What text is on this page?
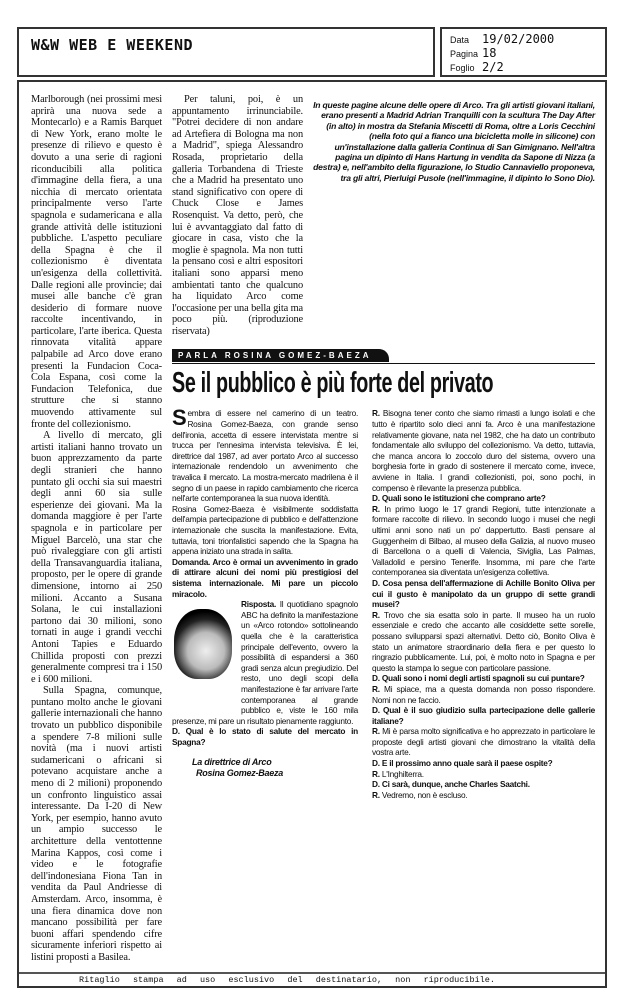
W&W WEB E WEEKEND	Data	19/02/2000
Pagina 18
Foglio 2/2

Marlborough (nei prossimi mesi aprirà una nuova sede a Montecarlo) e a Ramis Barquet di New York, erano molte le presenze di rilievo e questo è dovuto a una serie di ragioni riconducibili alla politica d'immagine della fiera, a una nicchia di mercato orientata principalmente verso l'arte spagnola e sudamericana e alla grande attività delle istituzioni pubbliche. L'aspetto peculiare della Spagna è che il collezionismo è diventata un'esigenza della collettività. Dalle regioni alle provincie; dai musei alle banche c'è gran desiderio di formare nuove raccolte incentivando, in particolare, l'arte iberica. Questa rinnovata vitalità appare palpabile ad Arco dove erano presenti la Fundacion Coca-Cola Espana, così come la Fundacion Telefonica, due strutture che si stanno muovendo attivamente sul fronte del collezionismo.

A livello di mercato, gli artisti italiani hanno trovato un buon apprezzamento da parte degli stranieri che hanno puntato gli occhi sia sui maestri degli anni 60 sia sulle esperienze dei giovani. Ma la domanda maggiore è per l'arte spagnola e in particolare per Miguel Barcelò, una star che può rivaleggiare con gli artisti della Transavanguardia italiana, proposto, per le opere di grande dimensione, intorno ai 250 milioni. Accanto a Susana Solana, le cui installazioni partono dai 30 milioni, sono tornati in auge i grandi vecchi Antoni Tapies e Eduardo Chillida proposti con prezzi generalmente compresi tra i 150 e i 600 milioni.

Sulla Spagna, comunque, puntano molto anche le giovani gallerie internazionali che hanno trovato un pubblico disponibile a spendere 7-8 milioni sulle novità (ma i nuovi artisti sudamericani o africani si potevano acquistare anche a meno di 2 milioni) proponendo un confronto linguistico assai interessante. Da I-20 di New York, per esempio, hanno avuto un ampio successo le architetture della ventottenne Marina Kappos, così come i video e le fotografie dell'indonesiana Fiona Tan in vendita da Paul Andriesse di Amsterdam. Arco, insomma, è una fiera dinamica dove non mancano possibilità per fare buoni affari spendendo cifre sicuramente inferiori rispetto ai listini proposti a Basilea.

Per taluni, poi, è un appuntamento irrinunciabile. "Potrei decidere di non andare ad Artefiera di Bologna ma non a Madrid", spiega Alessandro Rosada, proprietario della galleria Torbandena di Trieste che a Madrid ha presentato uno stand significativo con opere di Chuck Close e James Rosenquist. Va detto, però, che lui è avvantaggiato dal fatto di giocare in casa, visto che la moglie è spagnola. Ma non tutti la pensano così e altri espositori italiani sono apparsi meno ambientati tanto che qualcuno ha liquidato Arco come l'occasione per una bella gita ma poco più. (riproduzione riservata)

In queste pagine alcune delle opere di Arco. Tra gli artisti giovani italiani, erano presenti a Madrid Adrian Tranquilli con la scultura The Day After (in alto) in mostra da Stefania Miscetti di Roma, oltre a Loris Cecchini (nella foto qui a fianco una bicicletta molle in silicone) con un'installazione dalla galleria Continua di San Gimignano. Nell'altra pagina un dipinto di Hans Hartung in vendita da Sapone di Nizza (a destra) e, nell'ambito della figurazione, lo Studio Cannaviello proponeva, tra gli altri, Pierluigi Pusole (nell'immagine, il dipinto Io Sono Dio).
PARLA ROSINA GOMEZ-BAEZA
Se il pubblico è più forte del privato

Sembra di essere nel camerino di un teatro. Rosina Gomez-Baeza, con grande senso dell'ironia, accetta di essere intervistata mentre si trucca per l'ennesima intervista televisiva. È lei, direttrice dal 1987, ad aver portato Arco al successo internazionale rendendolo un avvenimento che travalica il mercato. La mostra-mercato madrilena è il segno di un paese in rapido cambiamento che ricerca nell'arte contemporanea la sua nuova identità.

Rosina Gomez-Baeza è visibilmente soddisfatta dell'ampia partecipazione di pubblico e dell'attenzione internazionale che suscita la manifestazione. Evita, tuttavia, toni trionfalistici sapendo che la Spagna ha appena iniziato una strada in salita.

Domanda. Arco è ormai un avvenimento in grado di attirare alcuni dei nomi più prestigiosi del sistema internazionale. Mi pare un piccolo miracolo.

Risposta. Il quotidiano spagnolo ABC ha definito la manifestazione un «Arco rotondo» sottolineando quella che è la caratteristica principale dell'evento, ovvero la possibilità di espandersi a 360 gradi senza alcun pregiudizio. Del resto, uno degli scopi della manifestazione è far arrivare l'arte contemporanea al grande pubblico e, viste le 160 mila presenze, mi pare un risultato pienamente raggiunto.

D. Qual è lo stato di salute del mercato in Spagna?

La direttrice di Arco
Rosina Gomez-Baeza

R. Bisogna tener conto che siamo rimasti a lungo isolati e che tutto è ripartito solo dieci anni fa. Arco è una manifestazione relativamente giovane, nata nel 1982, che ha dato un contributo fondamentale allo sviluppo del collezionismo. Va detto, tuttavia, che manca ancora lo zoccolo duro del sistema, ovvero una borghesia forte in grado di sostenere il mercato come, invece, avviene in Italia. I grandi collezionisti, poi, sono pochi, in compenso è rilevante la presenza pubblica.

D. Quali sono le istituzioni che comprano arte?

R. In primo luogo le 17 grandi Regioni, tutte intenzionate a formare raccolte di rilievo. In secondo luogo i musei che negli ultimi anni sono nati un po' dappertutto. Basti pensare al Guggenheim di Bilbao, al museo della Galizia, al nuovo museo di Barcellona o a quelli di Valencia, Siviglia, Las Palmas, Valladolid e persino Tenerife. Insomma, mi pare che l'arte contemporanea sia diventata un'esigenza collettiva.

D. Cosa pensa dell'affermazione di Achille Bonito Oliva per cui il gusto è manipolato da un gruppo di sette grandi musei?

R. Trovo che sia esatta solo in parte. Il museo ha un ruolo essenziale e credo che accanto alle cosiddette sette sorelle, possano svilupparsi spazi alternativi. Detto ciò, Bonito Oliva è stato un animatore straordinario della fiera e per questo lo ringrazio pubblicamente. Lui, poi, è molto noto in Spagna e per questo la stampa lo segue con particolare passione.

D. Quali sono i nomi degli artisti spagnoli su cui puntare?

R. Mi spiace, ma a questa domanda non posso rispondere. Nomi non ne faccio.

D. Qual è il suo giudizio sulla partecipazione delle gallerie italiane?

R. Mi è parsa molto significativa e ho apprezzato in particolare le proposte degli artisti giovani che dimostrano la vitalità della vostra arte.

D. E il prossimo anno quale sarà il paese ospite?

R. L'Inghilterra.

D. Ci sarà, dunque, anche Charles Saatchi.

R. Vedremo, non è escluso.

Ritaglio stampa ad uso esclusivo del destinatario, non riproducibile.
